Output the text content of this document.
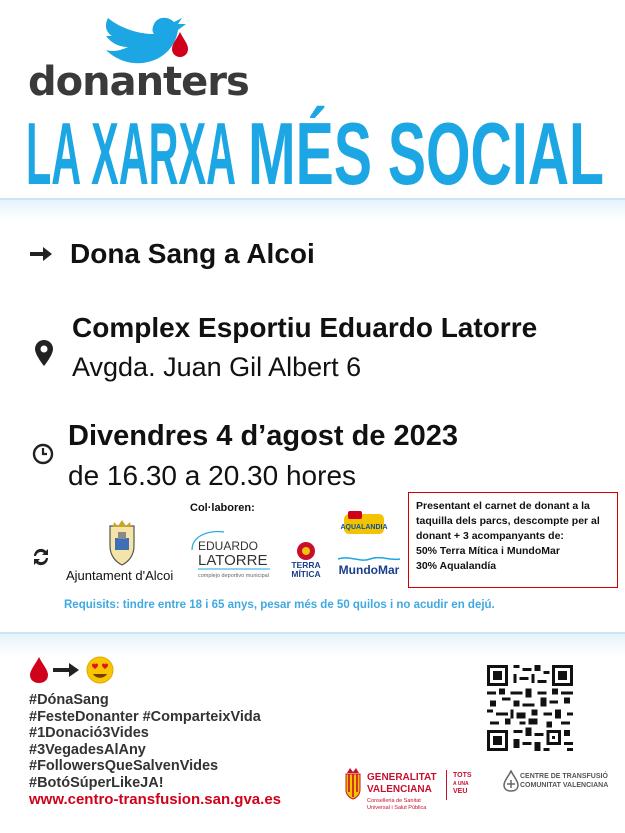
donanters
LA XARXA MÉS SOCIAL
Dona Sang a Alcoi
Complex Esportiu Eduardo Latorre
Avgda. Juan Gil Albert 6
Divendres 4 d’agost de 2023
de 16.30 a 20.30 hores
Col·laboren:
Ajuntament d'Alcoi
EDUARDO
LATORRE
complejo deportivo municipal
TERRA
MÍTICA
AQUALANDIA
MundoMar
Presentant el carnet de donant a la
taquilla dels parcs, descompte per al
donant + 3 acompanyants de:
50% Terra Mítica i MundoMar
30% Aqualandía
Requisits: tindre entre 18 i 65 anys, pesar més de 50 quilos i no acudir en dejú.
#DónaSang
#FesteDonanter #ComparteixVida
#1Donació3Vides
#3VegadesAlAny
#FollowersQueSalvenVides
#BotóSúperLikeJA!
www.centro-transfusion.san.gva.es
GENERALITAT
VALENCIANA
Conselleria de Sanitat
Universal i Salut Pública
TOTS
A UNA
VEU
CENTRE DE TRANSFUSIÓ
COMUNITAT VALENCIANA
